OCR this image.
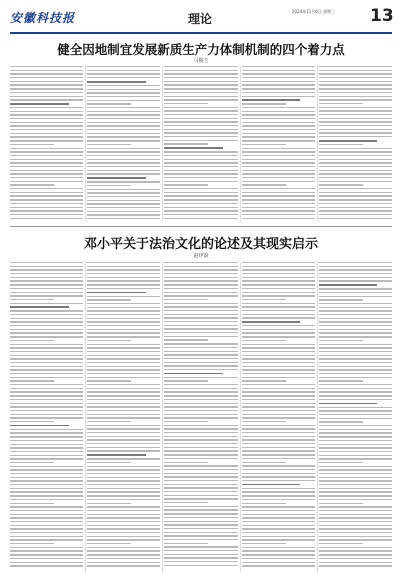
安徽科技报	理论
2024年11月6日 星期三 13
健全因地制宜发展新质生产力体制机制的四个着力点
马俊玉
邓小平关于法治文化的论述及其现实启示
赵伊浪
